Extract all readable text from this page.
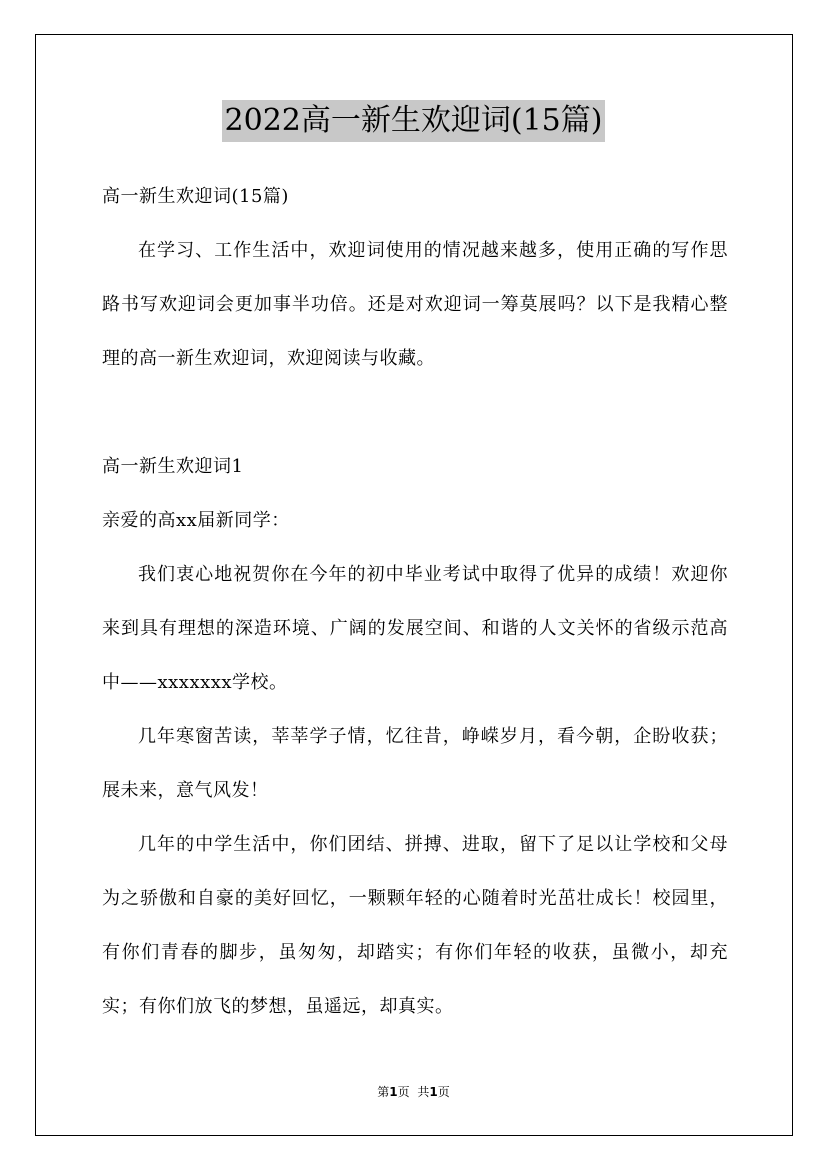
2022高一新生欢迎词(15篇)
高一新生欢迎词(15篇)
在学习、工作生活中，欢迎词使用的情况越来越多，使用正确的写作思路书写欢迎词会更加事半功倍。还是对欢迎词一筹莫展吗？以下是我精心整理的高一新生欢迎词，欢迎阅读与收藏。
高一新生欢迎词1
亲爱的高xx届新同学：
我们衷心地祝贺你在今年的初中毕业考试中取得了优异的成绩！欢迎你来到具有理想的深造环境、广阔的发展空间、和谐的人文关怀的省级示范高中——xxxxxxx学校。
几年寒窗苦读，莘莘学子情，忆往昔，峥嵘岁月，看今朝，企盼收获；展未来，意气风发！
几年的中学生活中，你们团结、拼搏、进取，留下了足以让学校和父母为之骄傲和自豪的美好回忆，一颗颗年轻的心随着时光茁壮成长！校园里，有你们青春的脚步，虽匆匆，却踏实；有你们年轻的收获，虽微小，却充实；有你们放飞的梦想，虽遥远，却真实。
第1页 共1页
